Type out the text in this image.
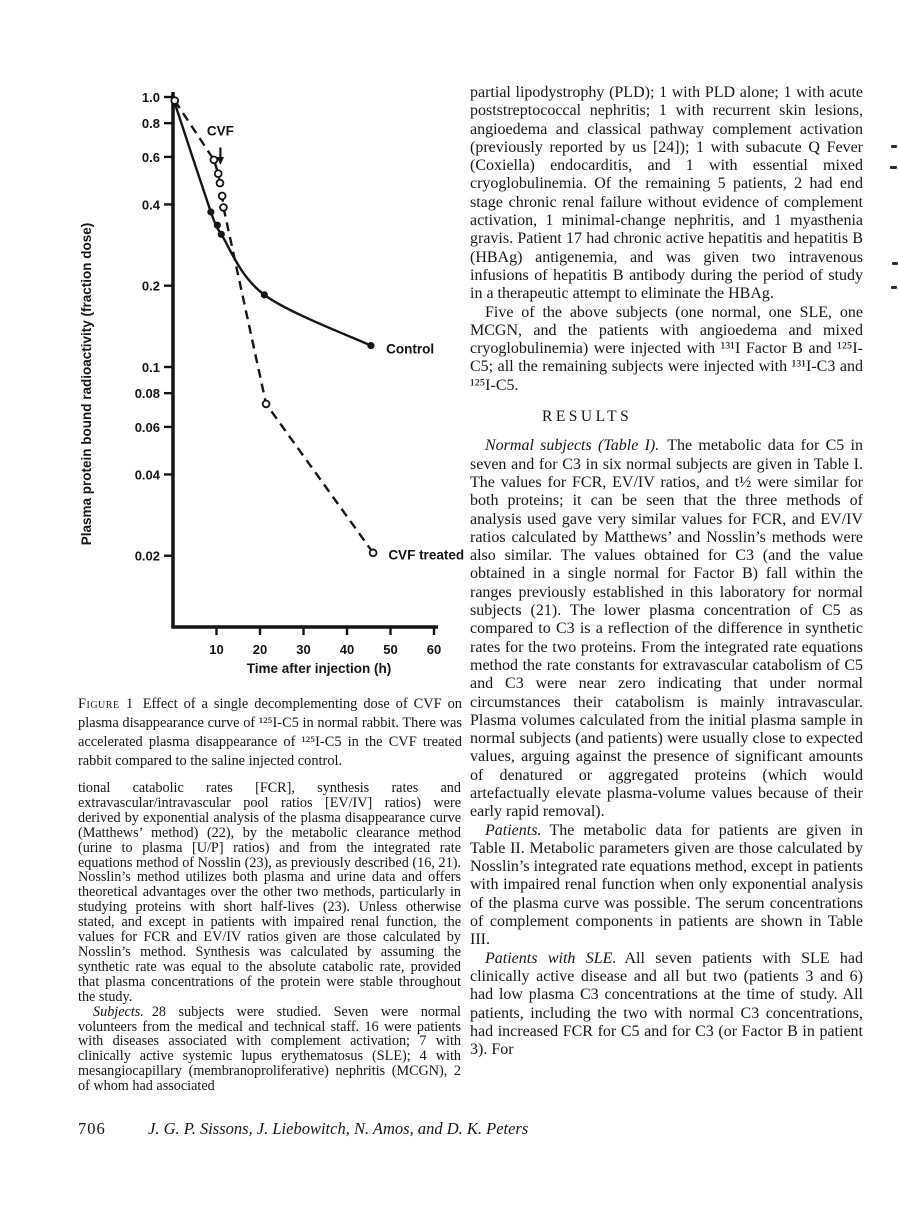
1.0
0.8
0.6
0.4
0.2
0.1
0.08
0.06
0.04
0.02
10 20 30 40 50 60
Time after injection (h)
Plasma protein bound radioactivity (fraction dose)	Control
CVF treated
CVF

Figure 1 Effect of a single decomplementing dose of CVF on plasma disappearance curve of ¹²⁵I-C5 in normal rabbit. There was accelerated plasma disappearance of ¹²⁵I-C5 in the CVF treated rabbit compared to the saline injected control.

tional catabolic rates [FCR], synthesis rates and extravascular/intravascular pool ratios [EV/IV] ratios) were derived by exponential analysis of the plasma disappearance curve (Matthews’ method) (22), by the metabolic clearance method (urine to plasma [U/P] ratios) and from the integrated rate equations method of Nosslin (23), as previously described (16, 21). Nosslin’s method utilizes both plasma and urine data and offers theoretical advantages over the other two methods, particularly in studying proteins with short half-lives (23). Unless otherwise stated, and except in patients with impaired renal function, the values for FCR and EV/IV ratios given are those calculated by Nosslin’s method. Synthesis was calculated by assuming the synthetic rate was equal to the absolute catabolic rate, provided that plasma concentrations of the protein were stable throughout the study.

Subjects. 28 subjects were studied. Seven were normal volunteers from the medical and technical staff. 16 were patients with diseases associated with complement activation; 7 with clinically active systemic lupus erythematosus (SLE); 4 with mesangiocapillary (membranoproliferative) nephritis (MCGN), 2 of whom had associated

partial lipodystrophy (PLD); 1 with PLD alone; 1 with acute poststreptococcal nephritis; 1 with recurrent skin lesions, angioedema and classical pathway complement activation (previously reported by us [24]); 1 with subacute Q Fever (Coxiella) endocarditis, and 1 with essential mixed cryoglobulinemia. Of the remaining 5 patients, 2 had end stage chronic renal failure without evidence of complement activation, 1 minimal-change nephritis, and 1 myasthenia gravis. Patient 17 had chronic active hepatitis and hepatitis B (HBAg) antigenemia, and was given two intravenous infusions of hepatitis B antibody during the period of study in a therapeutic attempt to eliminate the HBAg.

Five of the above subjects (one normal, one SLE, one MCGN, and the patients with angioedema and mixed cryoglobulinemia) were injected with ¹³¹I Factor B and ¹²⁵I-C5; all the remaining subjects were injected with ¹³¹I-C3 and ¹²⁵I-C5.

RESULTS

Normal subjects (Table I). The metabolic data for C5 in seven and for C3 in six normal subjects are given in Table I. The values for FCR, EV/IV ratios, and t½ were similar for both proteins; it can be seen that the three methods of analysis used gave very similar values for FCR, and EV/IV ratios calculated by Matthews’ and Nosslin’s methods were also similar. The values obtained for C3 (and the value obtained in a single normal for Factor B) fall within the ranges previously established in this laboratory for normal subjects (21). The lower plasma concentration of C5 as compared to C3 is a reflection of the difference in synthetic rates for the two proteins. From the integrated rate equations method the rate constants for extravascular catabolism of C5 and C3 were near zero indicating that under normal circumstances their catabolism is mainly intravascular. Plasma volumes calculated from the initial plasma sample in normal subjects (and patients) were usually close to expected values, arguing against the presence of significant amounts of denatured or aggregated proteins (which would artefactually elevate plasma-volume values because of their early rapid removal).

Patients. The metabolic data for patients are given in Table II. Metabolic parameters given are those calculated by Nosslin’s integrated rate equations method, except in patients with impaired renal function when only exponential analysis of the plasma curve was possible. The serum concentrations of complement components in patients are shown in Table III.

Patients with SLE. All seven patients with SLE had clinically active disease and all but two (patients 3 and 6) had low plasma C3 concentrations at the time of study. All patients, including the two with normal C3 concentrations, had increased FCR for C5 and for C3 (or Factor B in patient 3). For

706	J. G. P. Sissons, J. Liebowitch, N. Amos, and D. K. Peters
